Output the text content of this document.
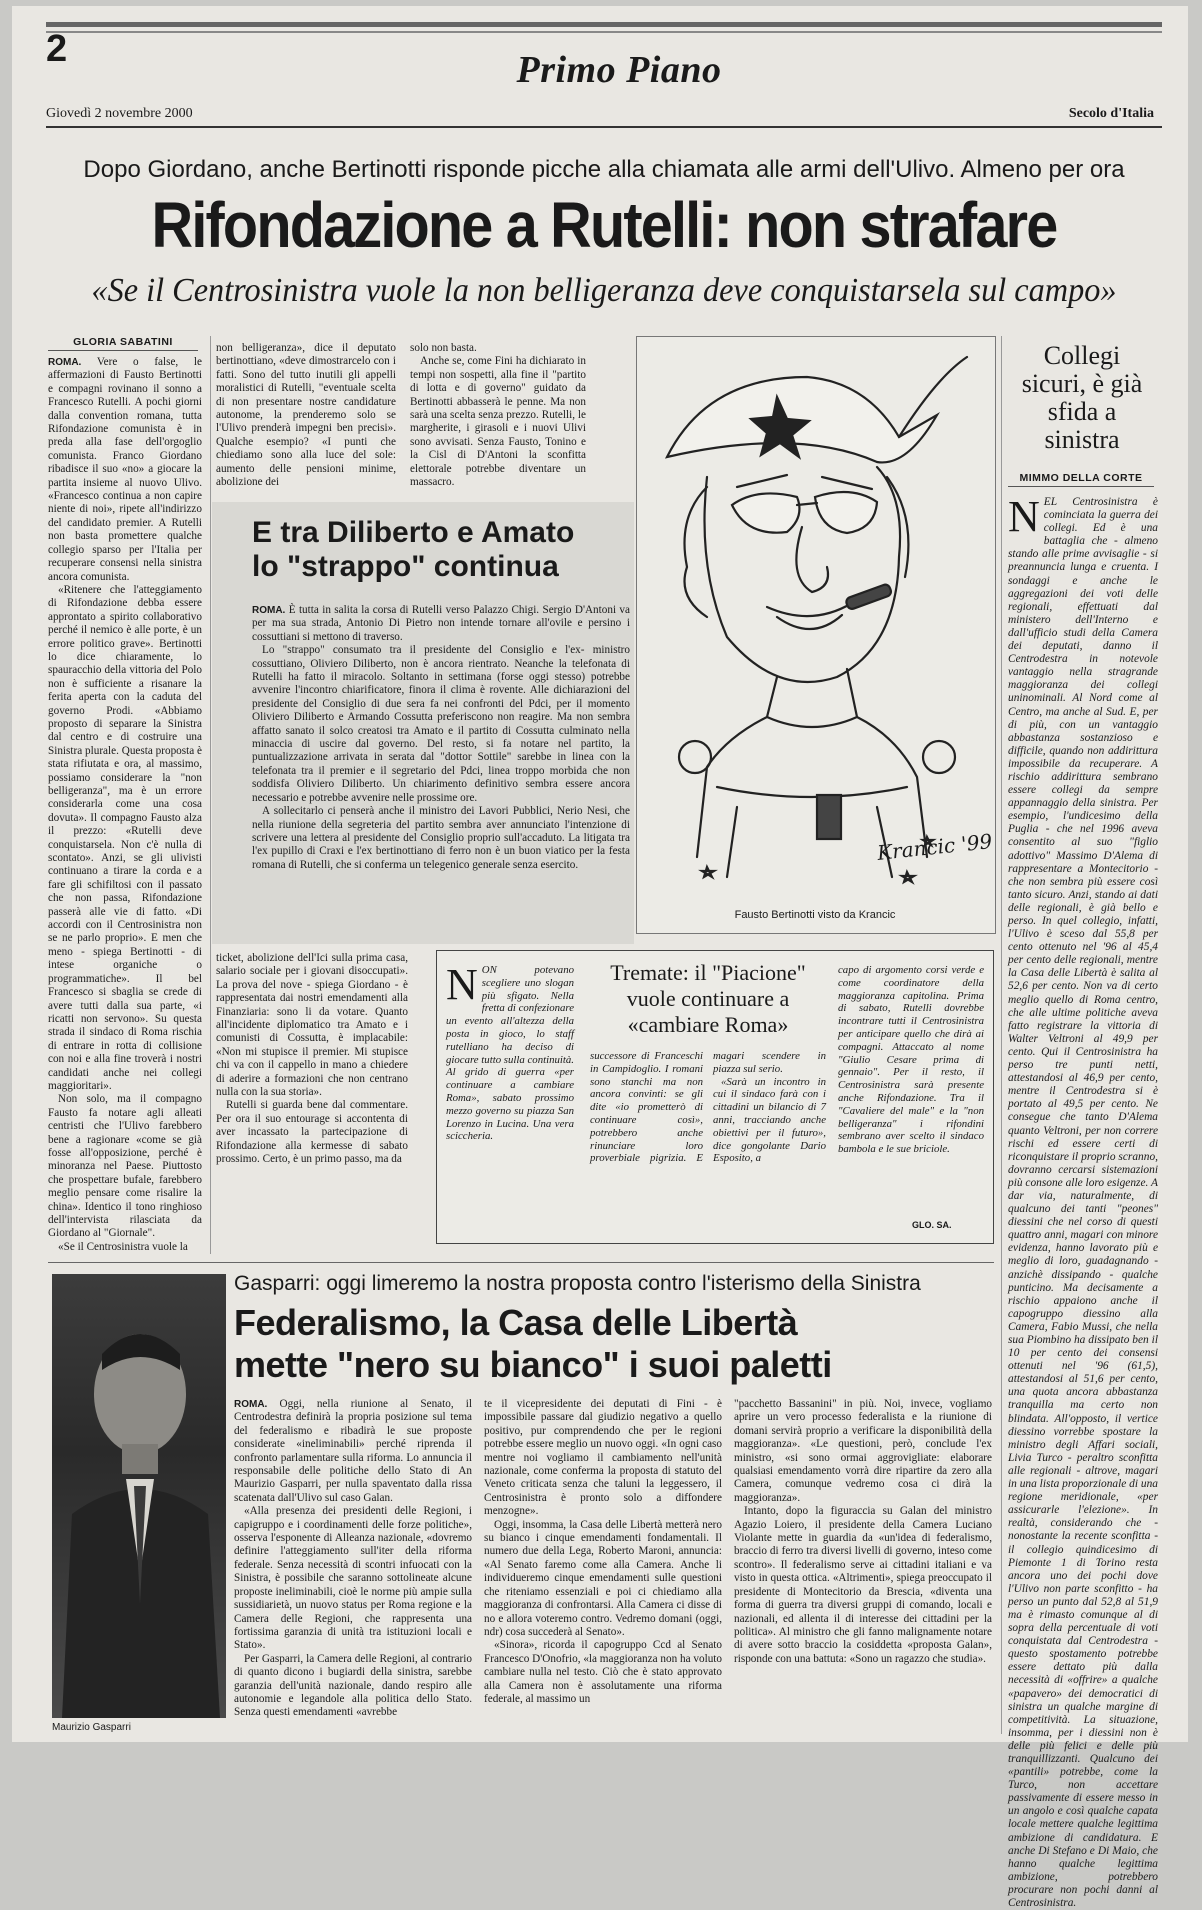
2	Primo Piano
Giovedì 2 novembre 2000	Secolo d'Italia
Dopo Giordano, anche Bertinotti risponde picche alla chiamata alle armi dell'Ulivo. Almeno per ora
Rifondazione a Rutelli: non strafare
«Se il Centrosinistra vuole la non belligeranza deve conquistarsela sul campo»
GLORIA SABATINI

ROMA. Vere o false, le affermazioni di Fausto Bertinotti e compagni rovinano il sonno a Francesco Rutelli. A pochi giorni dalla convention romana, tutta Rifondazione comunista è in preda alla fase dell'orgoglio comunista. Franco Giordano ribadisce il suo «no» a giocare la partita insieme al nuovo Ulivo. «Francesco continua a non capire niente di noi», ripete all'indirizzo del candidato premier. A Rutelli non basta promettere qualche collegio sparso per l'Italia per recuperare consensi nella sinistra ancora comunista.

«Ritenere che l'atteggiamento di Rifondazione debba essere approntato a spirito collaborativo perché il nemico è alle porte, è un errore politico grave». Bertinotti lo dice chiaramente, lo spauracchio della vittoria del Polo non è sufficiente a risanare la ferita aperta con la caduta del governo Prodi. «Abbiamo proposto di separare la Sinistra dal centro e di costruire una Sinistra plurale. Questa proposta è stata rifiutata e ora, al massimo, possiamo considerare la "non belligeranza", ma è un errore considerarla come una cosa dovuta». Il compagno Fausto alza il prezzo: «Rutelli deve conquistarsela. Non c'è nulla di scontato». Anzi, se gli ulivisti continuano a tirare la corda e a fare gli schifiltosi con il passato che non passa, Rifondazione passerà alle vie di fatto. «Di accordi con il Centrosinistra non se ne parlo proprio». E men che meno - spiega Bertinotti - di intese organiche o programmatiche». Il bel Francesco si sbaglia se crede di avere tutti dalla sua parte, «i ricatti non servono». Su questa strada il sindaco di Roma rischia di entrare in rotta di collisione con noi e alla fine troverà i nostri candidati anche nei collegi maggioritari».

Non solo, ma il compagno Fausto fa notare agli alleati centristi che l'Ulivo farebbero bene a ragionare «come se già fosse all'opposizione, perché è minoranza nel Paese. Piuttosto che prospettare bufale, farebbero meglio pensare come risalire la china». Identico il tono ringhioso dell'intervista rilasciata da Giordano al "Giornale".

«Se il Centrosinistra vuole la

non belligeranza», dice il deputato bertinottiano, «deve dimostrarcelo con i fatti. Sono del tutto inutili gli appelli moralistici di Rutelli, "eventuale scelta di non presentare nostre candidature autonome, la prenderemo solo se l'Ulivo prenderà impegni ben precisi». Qualche esempio? «I punti che chiediamo sono alla luce del sole: aumento delle pensioni minime, abolizione dei

solo non basta.

Anche se, come Fini ha dichiarato in tempi non sospetti, alla fine il "partito di lotta e di governo" guidato da Bertinotti abbasserà le penne. Ma non sarà una scelta senza prezzo. Rutelli, le margherite, i girasoli e i nuovi Ulivi sono avvisati. Senza Fausto, Tonino e la Cisl di D'Antoni la sconfitta elettorale potrebbe diventare un massacro.

E tra Diliberto e Amato
lo "strappo" continua

ROMA. È tutta in salita la corsa di Rutelli verso Palazzo Chigi. Sergio D'Antoni va per ma sua strada, Antonio Di Pietro non intende tornare all'ovile e persino i cossuttiani si mettono di traverso.

Lo "strappo" consumato tra il presidente del Consiglio e l'ex- ministro cossuttiano, Oliviero Diliberto, non è ancora rientrato. Neanche la telefonata di Rutelli ha fatto il miracolo. Soltanto in settimana (forse oggi stesso) potrebbe avvenire l'incontro chiarificatore, finora il clima è rovente. Alle dichiarazioni del presidente del Consiglio di due sera fa nei confronti del Pdci, per il momento Oliviero Diliberto e Armando Cossutta preferiscono non reagire. Ma non sembra affatto sanato il solco creatosi tra Amato e il partito di Cossutta culminato nella minaccia di uscire dal governo. Del resto, si fa notare nel partito, la puntualizzazione arrivata in serata dal "dottor Sottile" sarebbe in linea con la telefonata tra il premier e il segretario del Pdci, linea troppo morbida che non soddisfa Oliviero Diliberto. Un chiarimento definitivo sembra essere ancora necessario e potrebbe avvenire nelle prossime ore.

A sollecitarlo ci penserà anche il ministro dei Lavori Pubblici, Nerio Nesi, che nella riunione della segreteria del partito sembra aver annunciato l'intenzione di scrivere una lettera al presidente del Consiglio proprio sull'accaduto. La litigata tra l'ex pupillo di Craxi e l'ex bertinottiano di ferro non è un buon viatico per la festa romana di Rutelli, che si conferma un telegenico generale senza esercito.	Krancic '99
Fausto Bertinotti visto da Krancic
Collegi sicuri, è già sfida a sinistra
MIMMO DELLA CORTE
NEL Centrosinistra è cominciata la guerra dei collegi. Ed è una battaglia che - almeno stando alle prime avvisaglie - si preannuncia lunga e cruenta. I sondaggi e anche le aggregazioni dei voti delle regionali, effettuati dal ministero dell'Interno e dall'ufficio studi della Camera dei deputati, danno il Centrodestra in notevole vantaggio nella stragrande maggioranza dei collegi uninominali. Al Nord come al Centro, ma anche al Sud. E, per di più, con un vantaggio abbastanza sostanzioso e difficile, quando non addirittura impossibile da recuperare. A rischio addirittura sembrano essere collegi da sempre appannaggio della sinistra. Per esempio, l'undicesimo della Puglia - che nel 1996 aveva consentito al suo "figlio adottivo" Massimo D'Alema di rappresentare a Montecitorio - che non sembra più essere così tanto sicuro. Anzi, stando ai dati delle regionali, è già bello e perso. In quel collegio, infatti, l'Ulivo è sceso dal 55,8 per cento ottenuto nel '96 al 45,4 per cento delle regionali, mentre la Casa delle Libertà è salita al 52,6 per cento. Non va di certo meglio quello di Roma centro, che alle ultime politiche aveva fatto registrare la vittoria di Walter Veltroni al 49,9 per cento. Qui il Centrosinistra ha perso tre punti netti, attestandosi al 46,9 per cento, mentre il Centrodestra si è portato al 49,5 per cento. Ne consegue che tanto D'Alema quanto Veltroni, per non correre rischi ed essere certi di riconquistare il proprio scranno, dovranno cercarsi sistemazioni più consone alle loro esigenze. A dar via, naturalmente, di qualcuno dei tanti "peones" diessini che nel corso di questi quattro anni, magari con minore evidenza, hanno lavorato più e meglio di loro, guadagnando - anzichè dissipando - qualche punticino. Ma decisamente a rischio appaiono anche il capogruppo diessino alla Camera, Fabio Mussi, che nella sua Piombino ha dissipato ben il 10 per cento dei consensi ottenuti nel '96 (61,5), attestandosi al 51,6 per cento, una quota ancora abbastanza tranquilla ma certo non blindata. All'opposto, il vertice diessino vorrebbe spostare la ministro degli Affari sociali, Livia Turco - peraltro sconfitta alle regionali - altrove, magari in una lista proporzionale di una regione meridionale, «per assicurarle l'elezione». In realtà, considerando che - nonostante la recente sconfitta - il collegio quindicesimo di Piemonte 1 di Torino resta ancora uno dei pochi dove l'Ulivo non parte sconfitto - ha perso un punto dal 52,8 al 51,9 ma è rimasto comunque al di sopra della percentuale di voti conquistata dal Centrodestra - questo spostamento potrebbe essere dettato più dalla necessità di «offrire» a qualche «papavero» dei democratici di sinistra un qualche margine di competitività. La situazione, insomma, per i diessini non è delle più felici e delle più tranquillizzanti. Qualcuno dei «pantili» potrebbe, come la Turco, non accettare passivamente di essere messo in un angolo e così qualche capata locale mettere qualche legittima ambizione di candidatura. E anche Di Stefano e Di Maio, che hanno qualche legittima ambizione, potrebbero procurare non pochi danni al Centrosinistra.

ticket, abolizione dell'Ici sulla prima casa, salario sociale per i giovani disoccupati». La prova del nove - spiega Giordano - è rappresentata dai nostri emendamenti alla Finanziaria: sono li da votare. Quanto all'incidente diplomatico tra Amato e i comunisti di Cossutta, è implacabile: «Non mi stupisce il premier. Mi stupisce chi va con il cappello in mano a chiedere di aderire a formazioni che non centrano nulla con la sua storia».

Rutelli si guarda bene dal commentare. Per ora il suo entourage si accontenta di aver incassato la partecipazione di Rifondazione alla kermesse di sabato prossimo. Certo, è un primo passo, ma da

Tremate: il "Piacione" vuole continuare a «cambiare Roma»
NON potevano scegliere uno slogan più sfigato. Nella fretta di confezionare un evento all'altezza della posta in gioco, lo staff rutelliano ha deciso di giocare tutto sulla continuità. Al grido di guerra «per continuare a cambiare Roma», sabato prossimo mezzo governo su piazza San Lorenzo in Lucina. Una vera sciccheria.
successore di Franceschi in Campidoglio. I romani sono stanchi ma non ancora convinti: se gli dite «io prometterò di continuare così», potrebbero anche rinunciare loro proverbiale pigrizia. E magari scendere in piazza sul serio.
«Sarà un incontro in cui il sindaco farà con i cittadini un bilancio di 7 anni, tracciando anche obiettivi per il futuro», dice gongolante Dario Esposito, a
capo di argomento corsi verde e come coordinatore della maggioranza capitolina. Prima di sabato, Rutelli dovrebbe incontrare tutti il Centrosinistra per anticipare quello che dirà ai compagni. Attaccato al nome "Giulio Cesare prima di gennaio". Per il resto, il Centrosinistra sarà presente anche Rifondazione. Tra il "Cavaliere del male" e la "non belligeranza" i rifondini sembrano aver scelto il sindaco bambola e le sue briciole.
GLO. SA.
Maurizio Gasparri
Gasparri: oggi limeremo la nostra proposta contro l'isterismo della Sinistra
Federalismo, la Casa delle Libertà
mette "nero su bianco" i suoi paletti

ROMA. Oggi, nella riunione al Senato, il Centrodestra definirà la propria posizione sul tema del federalismo e ribadirà le sue proposte considerate «ineliminabili» perché riprenda il confronto parlamentare sulla riforma. Lo annuncia il responsabile delle politiche dello Stato di An Maurizio Gasparri, per nulla spaventato dalla rissa scatenata dall'Ulivo sul caso Galan.

«Alla presenza dei presidenti delle Regioni, i capigruppo e i coordinamenti delle forze politiche», osserva l'esponente di Alleanza nazionale, «dovremo definire l'atteggiamento sull'iter della riforma federale. Senza necessità di scontri infuocati con la Sinistra, è possibile che saranno sottolineate alcune proposte ineliminabili, cioè le norme più ampie sulla sussidiarietà, un nuovo status per Roma regione e la Camera delle Regioni, che rappresenta una fortissima garanzia di unità tra istituzioni locali e Stato».

Per Gasparri, la Camera delle Regioni, al contrario di quanto dicono i bugiardi della sinistra, sarebbe garanzia dell'unità nazionale, dando respiro alle autonomie e legandole alla politica dello Stato. Senza questi emendamenti «avrebbe

te il vicepresidente dei deputati di Fini - è impossibile passare dal giudizio negativo a quello positivo, pur comprendendo che per le regioni potrebbe essere meglio un nuovo oggi. «In ogni caso mentre noi vogliamo il cambiamento nell'unità nazionale, come conferma la proposta di statuto del Veneto criticata senza che taluni la leggessero, il Centrosinistra è pronto solo a diffondere menzogne».

Oggi, insomma, la Casa delle Libertà metterà nero su bianco i cinque emendamenti fondamentali. Il numero due della Lega, Roberto Maroni, annuncia: «Al Senato faremo come alla Camera. Anche li individueremo cinque emendamenti sulle questioni che riteniamo essenziali e poi ci chiediamo alla maggioranza di confrontarsi. Alla Camera ci disse di no e allora voteremo contro. Vedremo domani (oggi, ndr) cosa succederà al Senato».

«Sinora», ricorda il capogruppo Ccd al Senato Francesco D'Onofrio, «la maggioranza non ha voluto cambiare nulla nel testo. Ciò che è stato approvato alla Camera non è assolutamente una riforma federale, al massimo un

"pacchetto Bassanini" in più. Noi, invece, vogliamo aprire un vero processo federalista e la riunione di domani servirà proprio a verificare la disponibilità della maggioranza». «Le questioni, però, conclude l'ex ministro, «si sono ormai aggrovigliate: elaborare qualsiasi emendamento vorrà dire ripartire da zero alla Camera, comunque vedremo cosa ci dirà la maggioranza».

Intanto, dopo la figuraccia su Galan del ministro Agazio Loiero, il presidente della Camera Luciano Violante mette in guardia da «un'idea di federalismo, braccio di ferro tra diversi livelli di governo, inteso come scontro». Il federalismo serve ai cittadini italiani e va visto in questa ottica. «Altrimenti», spiega preoccupato il presidente di Montecitorio da Brescia, «diventa una forma di guerra tra diversi gruppi di comando, locali e nazionali, ed allenta il di interesse dei cittadini per la politica». Al ministro che gli fanno malignamente notare di avere sotto braccio la cosiddetta «proposta Galan», risponde con una battuta: «Sono un ragazzo che studia».
